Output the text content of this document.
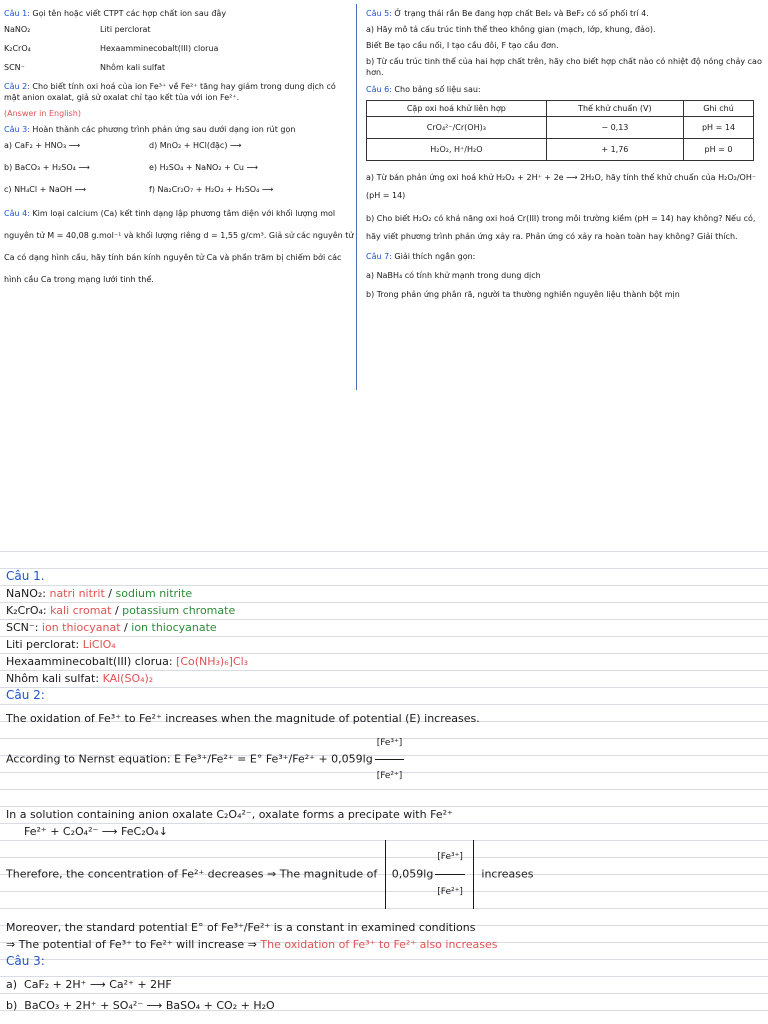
Câu 1: Gọi tên hoặc viết CTPT các hợp chất ion sau đây

NaNO₂	Liti perclorat
K₂CrO₄	Hexaamminecobalt(III) clorua
SCN⁻	Nhôm kali sulfat

Câu 2: Cho biết tính oxi hoá của ion Fe³⁺ về Fe²⁺ tăng hay giảm trong dung dịch có mặt anion oxalat, giả sử oxalat chỉ tạo kết tủa với ion Fe²⁺.

(Answer in English)

Câu 3: Hoàn thành các phương trình phản ứng sau dưới dạng ion rút gọn

a) CaF₂ + HNO₃ ⟶	d) MnO₂ + HCl(đặc) ⟶
b) BaCO₃ + H₂SO₄ ⟶	e) H₂SO₄ + NaNO₂ + Cu ⟶
c) NH₄Cl + NaOH ⟶	f) Na₂Cr₂O₇ + H₂O₂ + H₂SO₄ ⟶

Câu 4: Kim loại calcium (Ca) kết tinh dạng lập phương tâm diện với khối lượng mol nguyên tử M = 40,08 g.mol⁻¹ và khối lượng riêng d = 1,55 g/cm³. Giả sử các nguyên tử Ca có dạng hình cầu, hãy tính bán kính nguyên tử Ca và phần trăm bị chiếm bởi các hình cầu Ca trong mạng lưới tinh thể.

Câu 5: Ở trạng thái rắn Be đang hợp chất BeI₂ và BeF₂ có số phối trí 4.

a) Hãy mô tả cấu trúc tinh thể theo không gian (mạch, lớp, khung, đảo).

Biết Be tạo cầu nối, I tạo cầu đôi, F tạo cầu đơn.

b) Từ cấu trúc tinh thể của hai hợp chất trên, hãy cho biết hợp chất nào có nhiệt độ nóng chảy cao hơn.

Câu 6: Cho bảng số liệu sau:

Cặp oxi hoá khử liên hợp	Thế khử chuẩn (V)	Ghi chú
CrO₄²⁻/Cr(OH)₃	− 0,13	pH = 14
H₂O₂, H⁺/H₂O	+ 1,76	pH = 0

a) Từ bán phản ứng oxi hoá khử H₂O₂ + 2H⁺ + 2e ⟶ 2H₂O, hãy tính thế khử chuẩn của H₂O₂/OH⁻ (pH = 14)

b) Cho biết H₂O₂ có khả năng oxi hoá Cr(III) trong môi trường kiềm (pH = 14) hay không? Nếu có, hãy viết phương trình phản ứng xảy ra. Phản ứng có xảy ra hoàn toàn hay không? Giải thích.

Câu 7: Giải thích ngắn gọn:

a) NaBH₄ có tính khử mạnh trong dung dịch

b) Trong phản ứng phân rã, người ta thường nghiền nguyên liệu thành bột mịn

Câu 1.

NaNO₂: natri nitrit / sodium nitrite

K₂CrO₄: kali cromat / potassium chromate

SCN⁻: ion thiocyanat / ion thiocyanate

Liti perclorat: LiClO₄

Hexaamminecobalt(III) clorua: [Co(NH₃)₆]Cl₃

Nhôm kali sulfat: KAl(SO₄)₂

Câu 2:

The oxidation of Fe³⁺ to Fe²⁺ increases when the magnitude of potential (E) increases.

According to Nernst equation: E Fe³⁺/Fe²⁺ = E° $Fe^{3+}/Fe^{2+} + 0,059\lg \frac{\text{[Fe³⁺]}}{\text{[Fe²⁺]}}$

In a solution containing anion oxalate C₂O₄²⁻, oxalate forms a precipate with Fe²⁺

Fe²⁺ + C₂O₄²⁻ ⟶ FeC₂O₄↓

Therefore, the concentration of Fe²⁺ decreases ⇒ The magnitude of $0,059\lg \frac{\text{[Fe³⁺]}}{\text{[Fe²⁺]}}$ increases

Moreover, the standard potential E° of Fe³⁺/Fe²⁺ is a constant in examined conditions

⇒ The potential of Fe³⁺ to Fe²⁺ will increase ⇒ The oxidation of Fe³⁺ to Fe²⁺ also increases

Câu 3:

a)  CaF₂ + 2H⁺ ⟶ Ca²⁺ + 2HF

b)  BaCO₃ + 2H⁺ + SO₄²⁻ ⟶ BaSO₄ + CO₂ + H₂O
